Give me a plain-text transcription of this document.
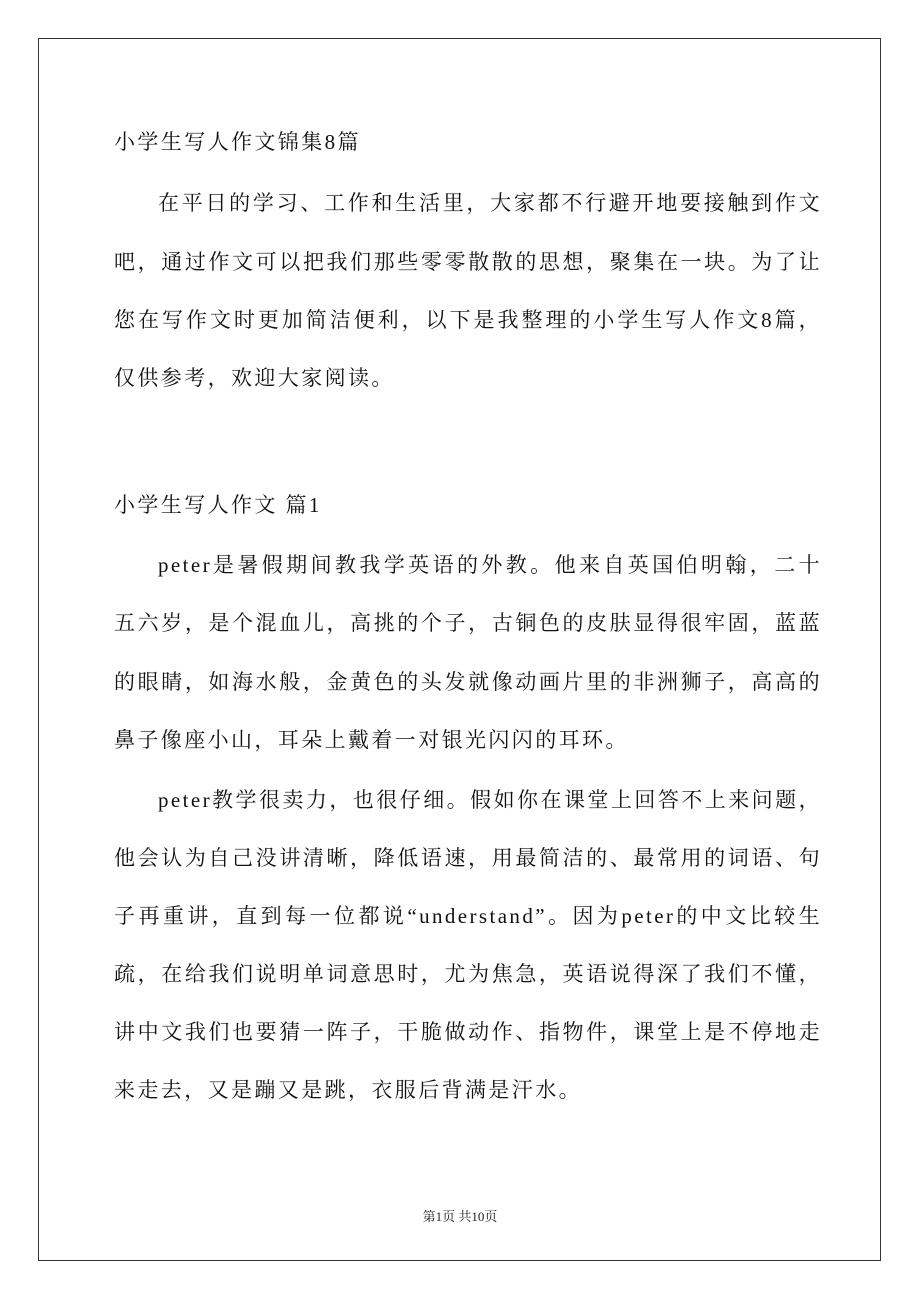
小学生写人作文锦集8篇
在平日的学习、工作和生活里，大家都不行避开地要接触到作文
吧，通过作文可以把我们那些零零散散的思想，聚集在一块。为了让
您在写作文时更加简洁便利，以下是我整理的小学生写人作文8篇，
仅供参考，欢迎大家阅读。
小学生写人作文 篇1
peter是暑假期间教我学英语的外教。他来自英国伯明翰，二十
五六岁，是个混血儿，高挑的个子，古铜色的皮肤显得很牢固，蓝蓝
的眼睛，如海水般，金黄色的头发就像动画片里的非洲狮子，高高的
鼻子像座小山，耳朵上戴着一对银光闪闪的耳环。
peter教学很卖力，也很仔细。假如你在课堂上回答不上来问题，
他会认为自己没讲清晰，降低语速，用最简洁的、最常用的词语、句
子再重讲，直到每一位都说“understand”。因为peter的中文比较生
疏，在给我们说明单词意思时，尤为焦急，英语说得深了我们不懂，
讲中文我们也要猜一阵子，干脆做动作、指物件，课堂上是不停地走
来走去，又是蹦又是跳，衣服后背满是汗水。
第1页 共10页
